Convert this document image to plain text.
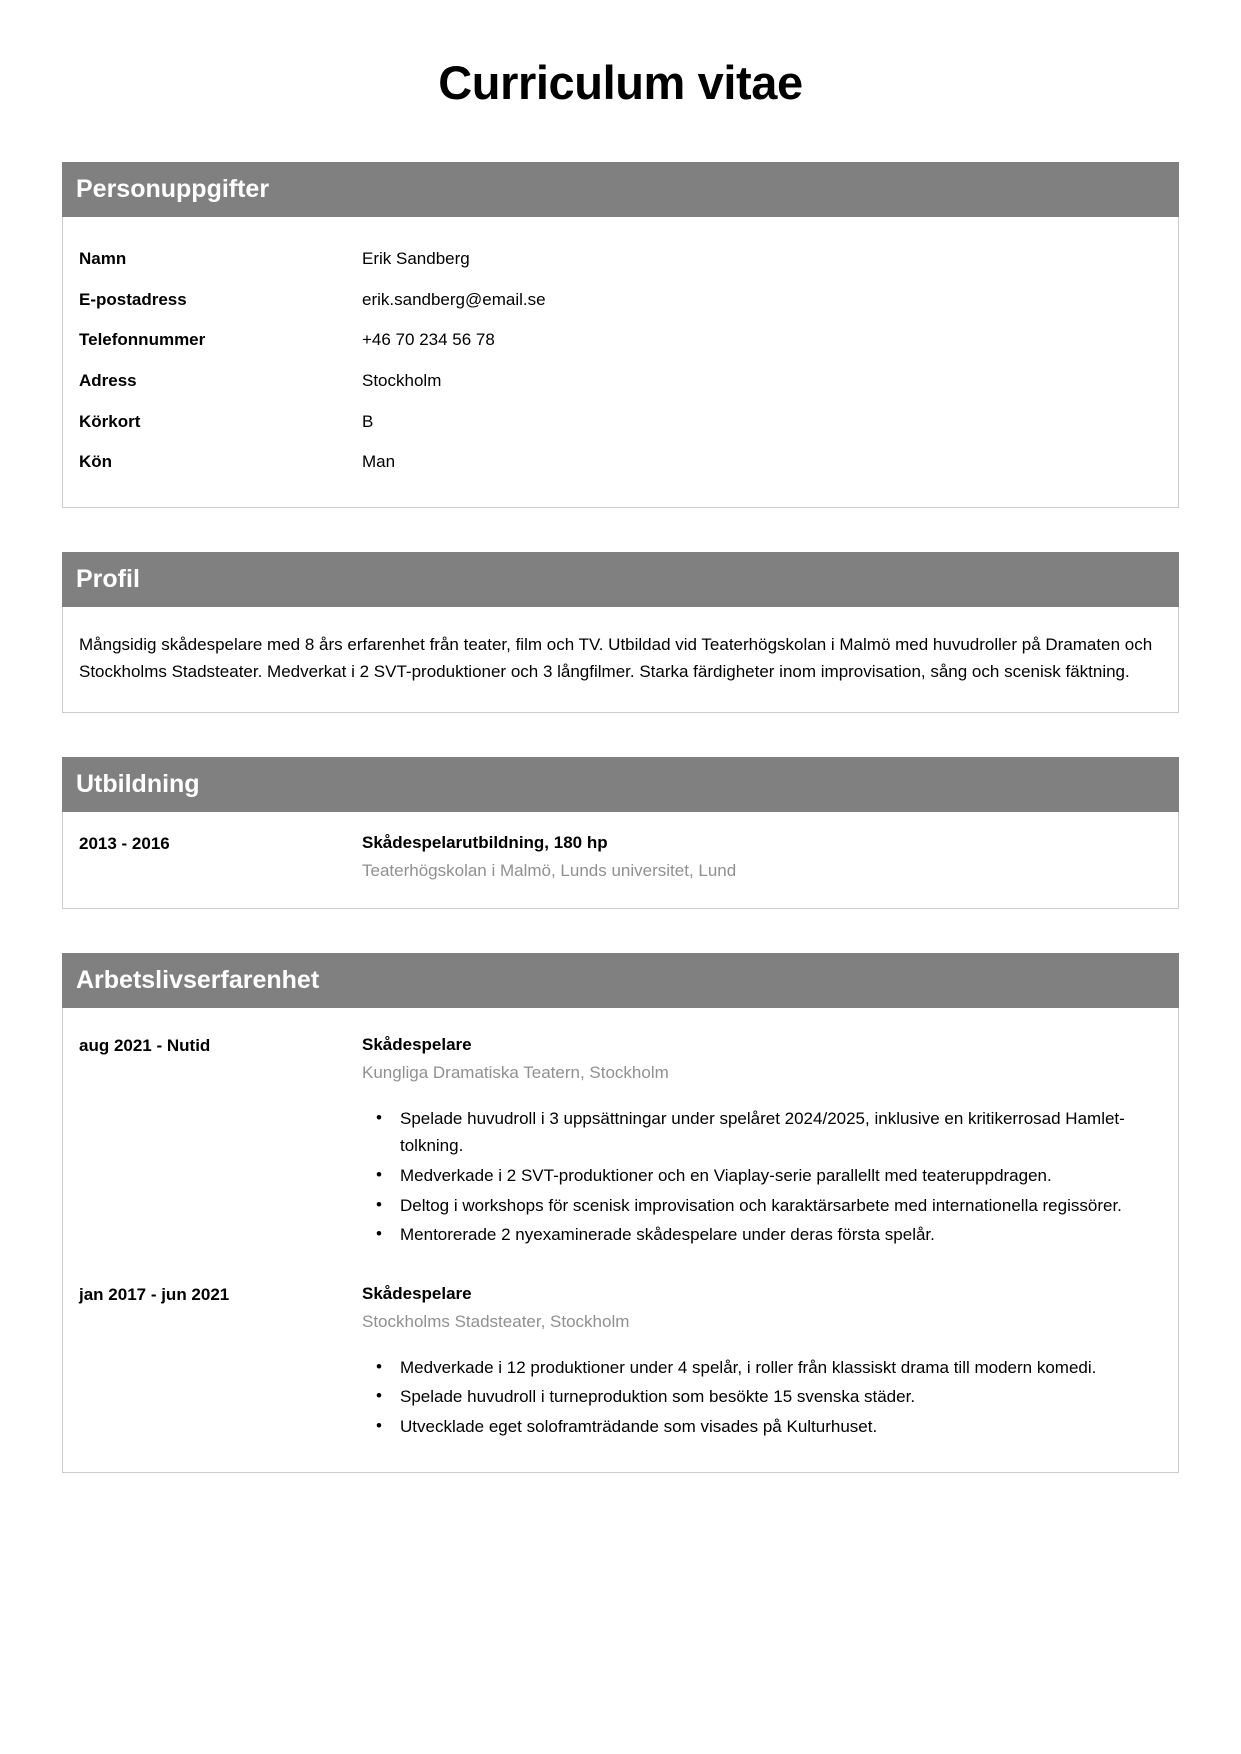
Curriculum vitae
Personuppgifter
Namn	Erik Sandberg
E-postadress	erik.sandberg@email.se
Telefonnummer	+46 70 234 56 78
Adress	Stockholm
Körkort	B
Kön	Man
Profil
Mångsidig skådespelare med 8 års erfarenhet från teater, film och TV. Utbildad vid Teaterhögskolan i Malmö med huvudroller på Dramaten och Stockholms Stadsteater. Medverkat i 2 SVT-produktioner och 3 långfilmer. Starka färdigheter inom improvisation, sång och scenisk fäktning.
Utbildning
2013 - 2016	Skådespelarutbildning, 180 hp
Teaterhögskolan i Malmö, Lunds universitet, Lund
Arbetslivserfarenhet
aug 2021 - Nutid	Skådespelare
Kungliga Dramatiska Teatern, Stockholm
• Spelade huvudroll i 3 uppsättningar under spelåret 2024/2025, inklusive en kritikerrosad Hamlet-tolkning.
• Medverkade i 2 SVT-produktioner och en Viaplay-serie parallellt med teateruppdragen.
• Deltog i workshops för scenisk improvisation och karaktärsarbete med internationella regissörer.
• Mentorerade 2 nyexaminerade skådespelare under deras första spelår.
jan 2017 - jun 2021	Skådespelare
Stockholms Stadsteater, Stockholm
• Medverkade i 12 produktioner under 4 spelår, i roller från klassiskt drama till modern komedi.
• Spelade huvudroll i turneproduktion som besökte 15 svenska städer.
• Utvecklade eget soloframträdande som visades på Kulturhuset.
